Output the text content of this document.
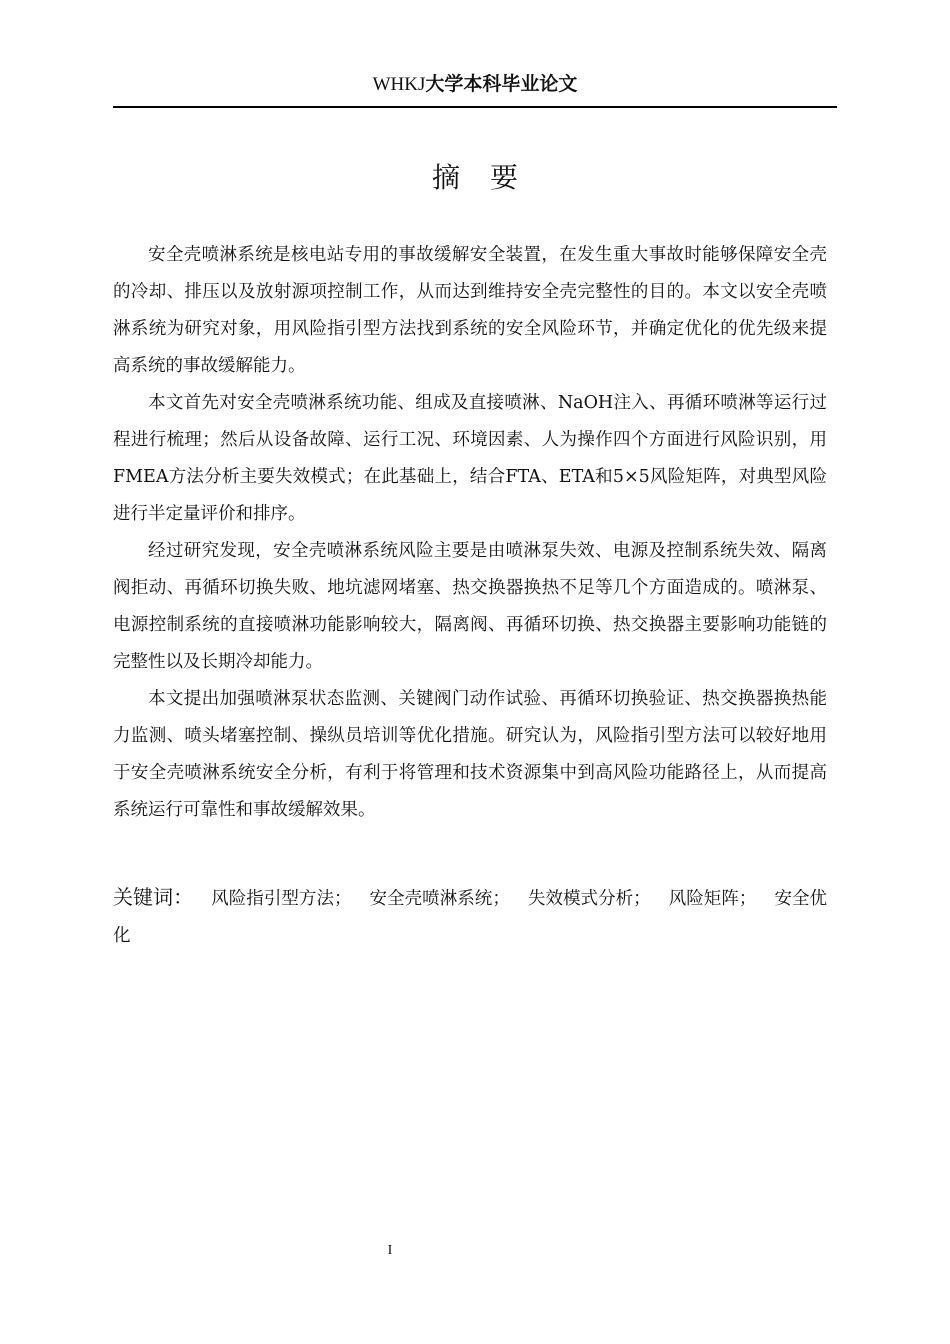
WHKJ大学本科毕业论文
摘要

安全壳喷淋系统是核电站专用的事故缓解安全装置，在发生重大事故时能够保障安全壳的冷却、排压以及放射源项控制工作，从而达到维持安全壳完整性的目的。本文以安全壳喷淋系统为研究对象，用风险指引型方法找到系统的安全风险环节，并确定优化的优先级来提高系统的事故缓解能力。

本文首先对安全壳喷淋系统功能、组成及直接喷淋、NaOH注入、再循环喷淋等运行过程进行梳理；然后从设备故障、运行工况、环境因素、人为操作四个方面进行风险识别，用FMEA方法分析主要失效模式；在此基础上，结合FTA、ETA和5×5风险矩阵，对典型风险进行半定量评价和排序。

经过研究发现，安全壳喷淋系统风险主要是由喷淋泵失效、电源及控制系统失效、隔离阀拒动、再循环切换失败、地坑滤网堵塞、热交换器换热不足等几个方面造成的。喷淋泵、电源控制系统的直接喷淋功能影响较大，隔离阀、再循环切换、热交换器主要影响功能链的完整性以及长期冷却能力。

本文提出加强喷淋泵状态监测、关键阀门动作试验、再循环切换验证、热交换器换热能力监测、喷头堵塞控制、操纵员培训等优化措施。研究认为，风险指引型方法可以较好地用于安全壳喷淋系统安全分析，有利于将管理和技术资源集中到高风险功能路径上，从而提高系统运行可靠性和事故缓解效果。

关键词： 风险指引型方法； 安全壳喷淋系统； 失效模式分析； 风险矩阵； 安全优化
I
